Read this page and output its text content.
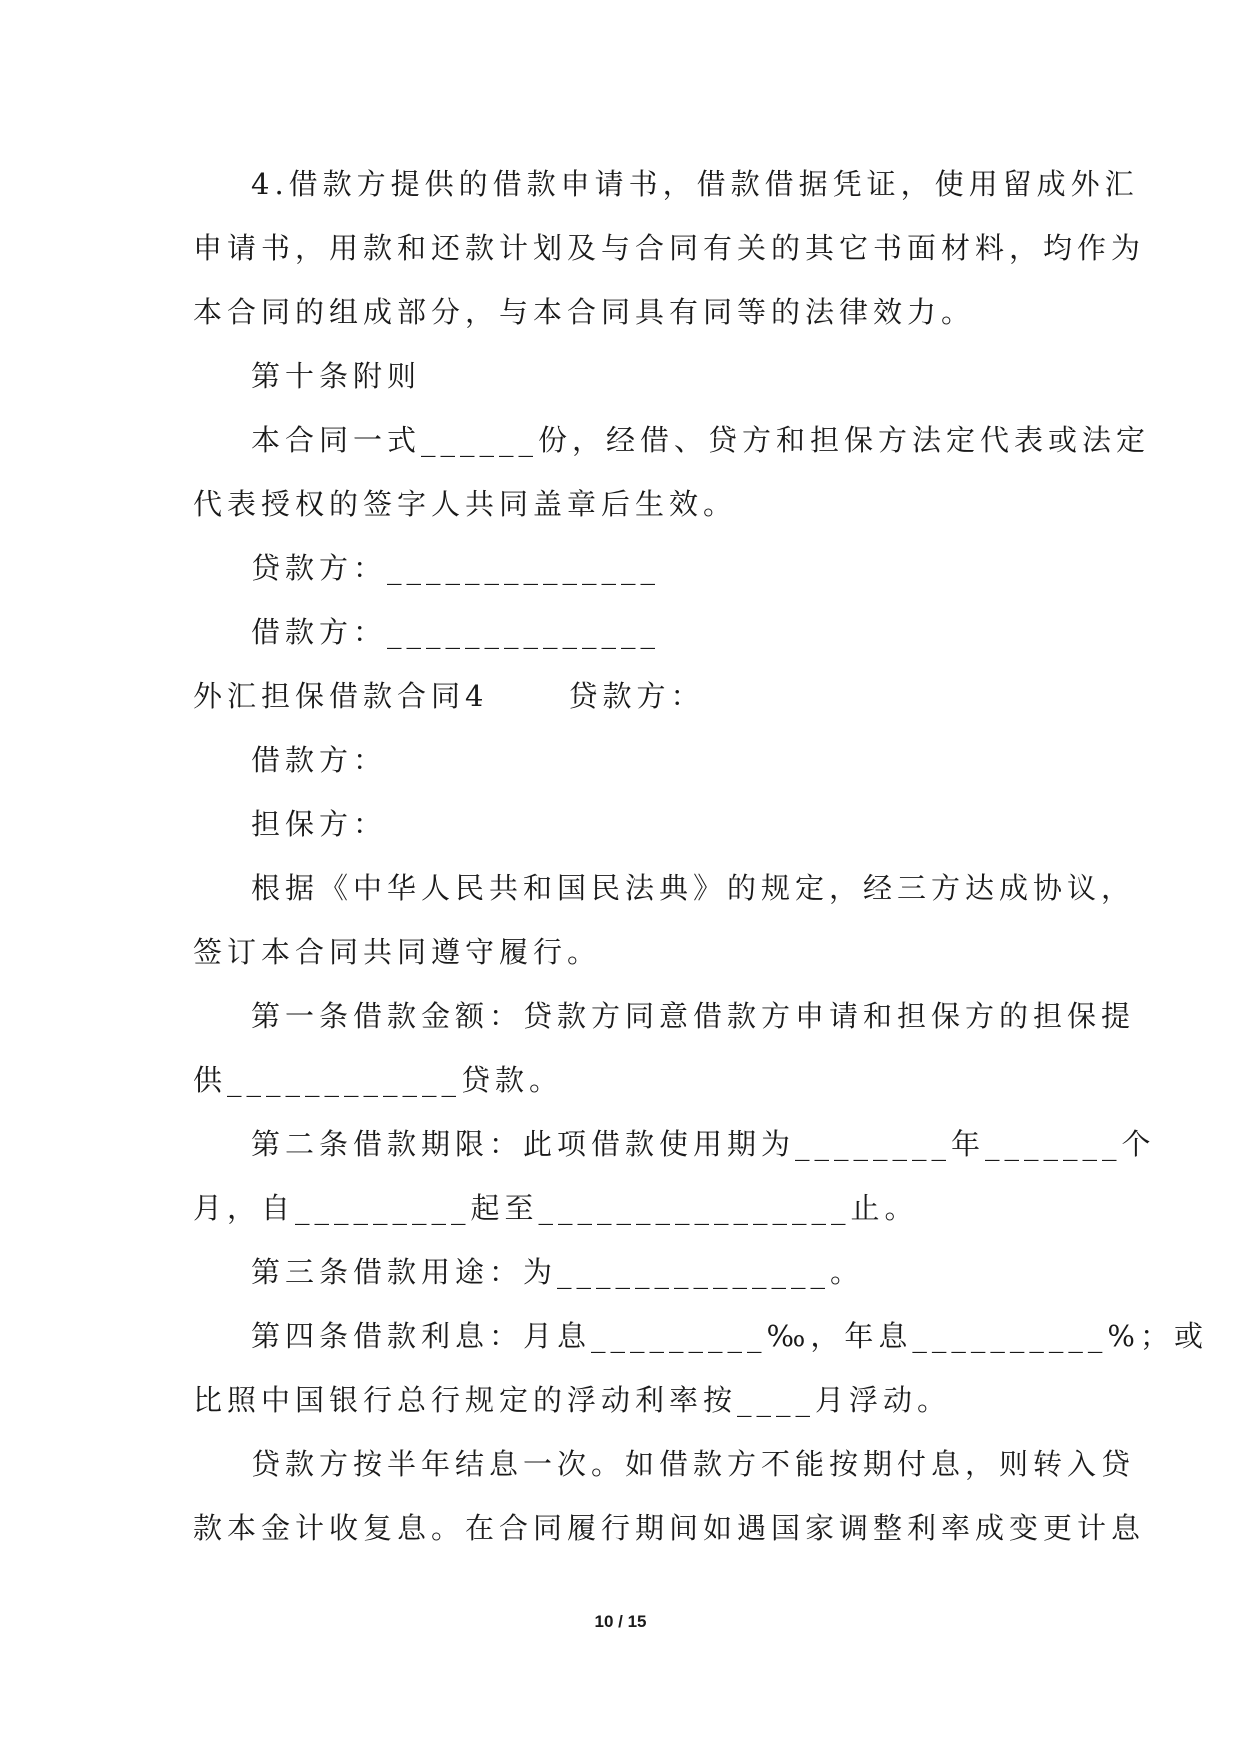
4.借款方提供的借款申请书，借款借据凭证，使用留成外汇
申请书，用款和还款计划及与合同有关的其它书面材料，均作为
本合同的组成部分，与本合同具有同等的法律效力。
第十条附则
本合同一式______份，经借、贷方和担保方法定代表或法定
代表授权的签字人共同盖章后生效。
贷款方：______________
借款方：______________
外汇担保借款合同4	贷款方：
借款方：
担保方：
根据《中华人民共和国民法典》的规定，经三方达成协议，
签订本合同共同遵守履行。
第一条借款金额：贷款方同意借款方申请和担保方的担保提
供____________贷款。
第二条借款期限：此项借款使用期为________年_______个
月，自_________起至________________止。
第三条借款用途：为______________。
第四条借款利息：月息_________‰，年息__________%；或
比照中国银行总行规定的浮动利率按____月浮动。
贷款方按半年结息一次。如借款方不能按期付息，则转入贷
款本金计收复息。在合同履行期间如遇国家调整利率成变更计息
10 / 15
